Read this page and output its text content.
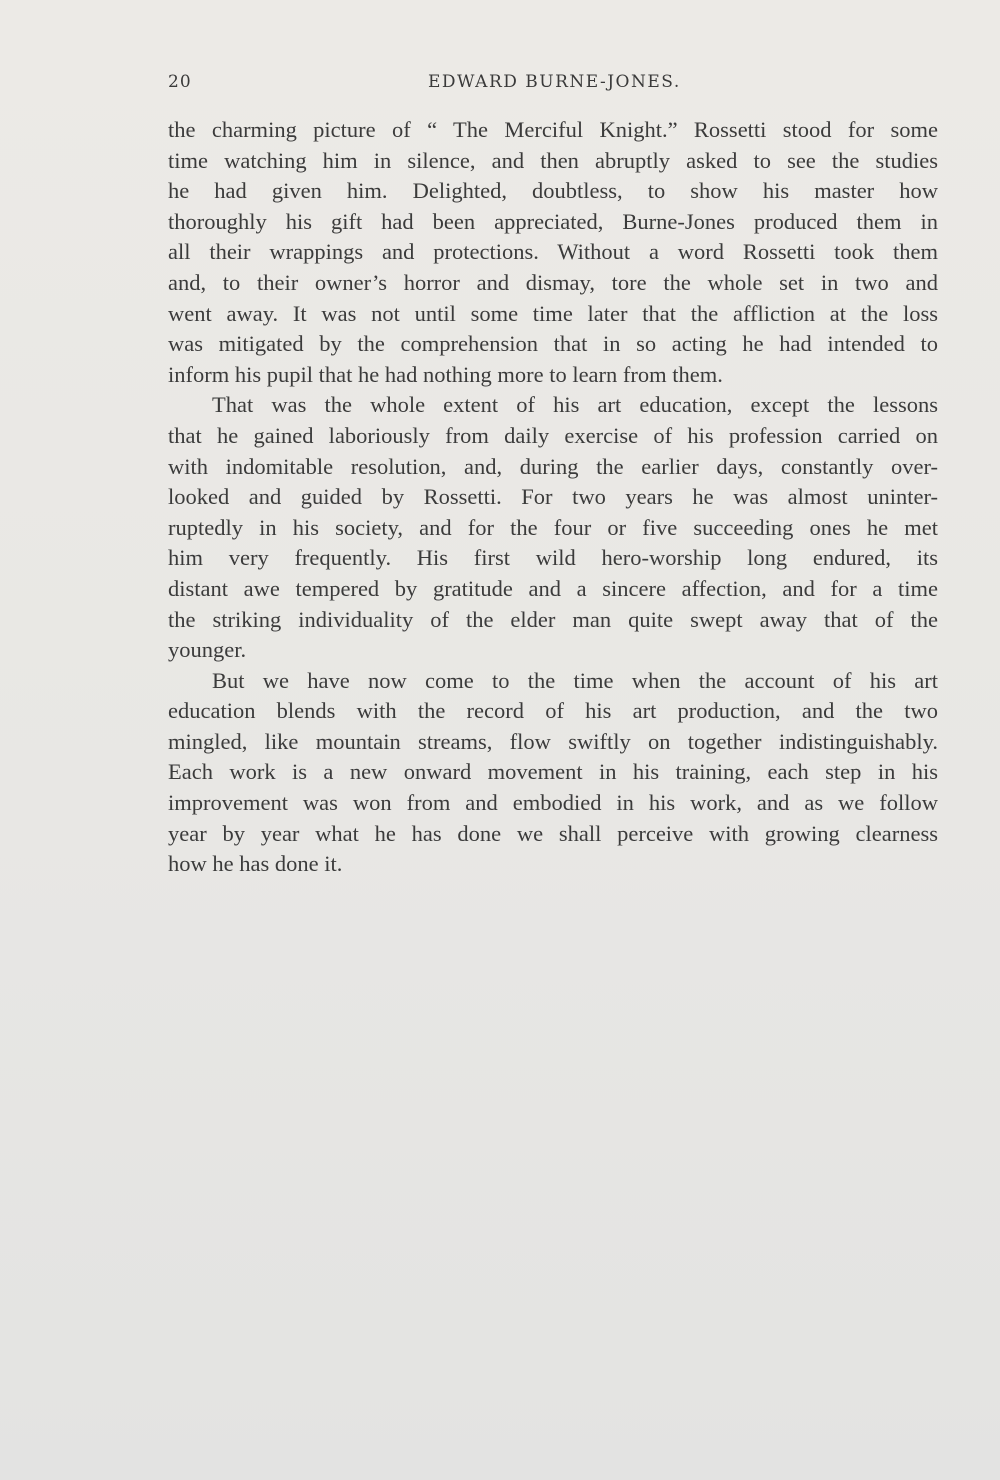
20	EDWARD BURNE-JONES.
the charming picture of “ The Merciful Knight.” Rossetti stood for some
time watching him in silence, and then abruptly asked to see the studies
he had given him. Delighted, doubtless, to show his master how
thoroughly his gift had been appreciated, Burne-Jones produced them in
all their wrappings and protections. Without a word Rossetti took them
and, to their owner’s horror and dismay, tore the whole set in two and
went away. It was not until some time later that the affliction at the loss
was mitigated by the comprehension that in so acting he had intended to
inform his pupil that he had nothing more to learn from them.
That was the whole extent of his art education, except the lessons
that he gained laboriously from daily exercise of his profession carried on
with indomitable resolution, and, during the earlier days, constantly over-
looked and guided by Rossetti. For two years he was almost uninter-
ruptedly in his society, and for the four or five succeeding ones he met
him very frequently. His first wild hero-worship long endured, its
distant awe tempered by gratitude and a sincere affection, and for a time
the striking individuality of the elder man quite swept away that of the
younger.
But we have now come to the time when the account of his art
education blends with the record of his art production, and the two
mingled, like mountain streams, flow swiftly on together indistinguishably.
Each work is a new onward movement in his training, each step in his
improvement was won from and embodied in his work, and as we follow
year by year what he has done we shall perceive with growing clearness
how he has done it.
